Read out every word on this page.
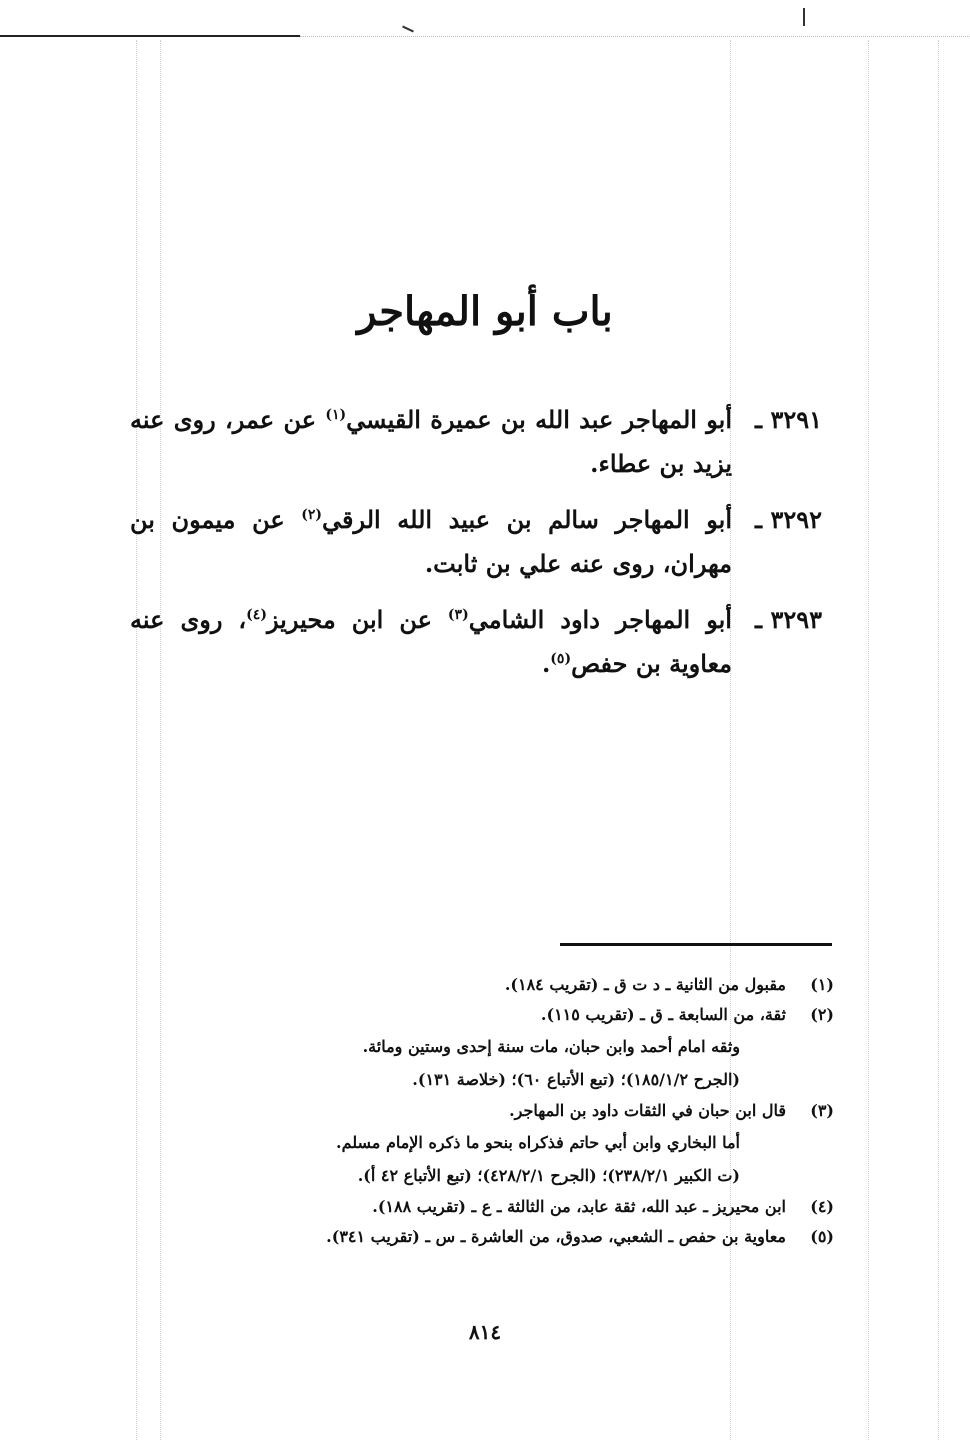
باب أبو المهاجر
٣٢٩١ ـ
أبو المهاجر عبد الله بن عميرة القيسي$^{(١)}$ عن عمر، روى عنه يزيد بن عطاء.
٣٢٩٢ ـ
أبو المهاجر سالم بن عبيد الله الرقي$^{(٢)}$ عن ميمون بن مهران، روى عنه علي بن ثابت.
٣٢٩٣ ـ
أبو المهاجر داود الشامي$^{(٣)}$ عن ابن محيريز$^{(٤)}$، روى عنه معاوية بن حفص$^{(٥)}$.
(١)
مقبول من الثانية ـ د ت ق ـ (تقريب ١٨٤).
(٢)
ثقة، من السابعة ـ ق ـ (تقريب ١١٥).
وثقه امام أحمد وابن حبان، مات سنة إحدى وستين ومائة.
(الجرح ١٨٥/١/٢)؛ (تبع الأتباع ٦٠)؛ (خلاصة ١٣١).
(٣)
قال ابن حبان في الثقات داود بن المهاجر.
أما البخاري وابن أبي حاتم فذكراه بنحو ما ذكره الإمام مسلم.
(ت الكبير ٢٣٨/٢/١)؛ (الجرح ٤٢٨/٢/١)؛ (تبع الأتباع ٤٢ أ).
(٤)
ابن محيريز ـ عبد الله، ثقة عابد، من الثالثة ـ ع ـ (تقريب ١٨٨).
(٥)
معاوية بن حفص ـ الشعبي، صدوق، من العاشرة ـ س ـ (تقريب ٣٤١).
٨١٤
